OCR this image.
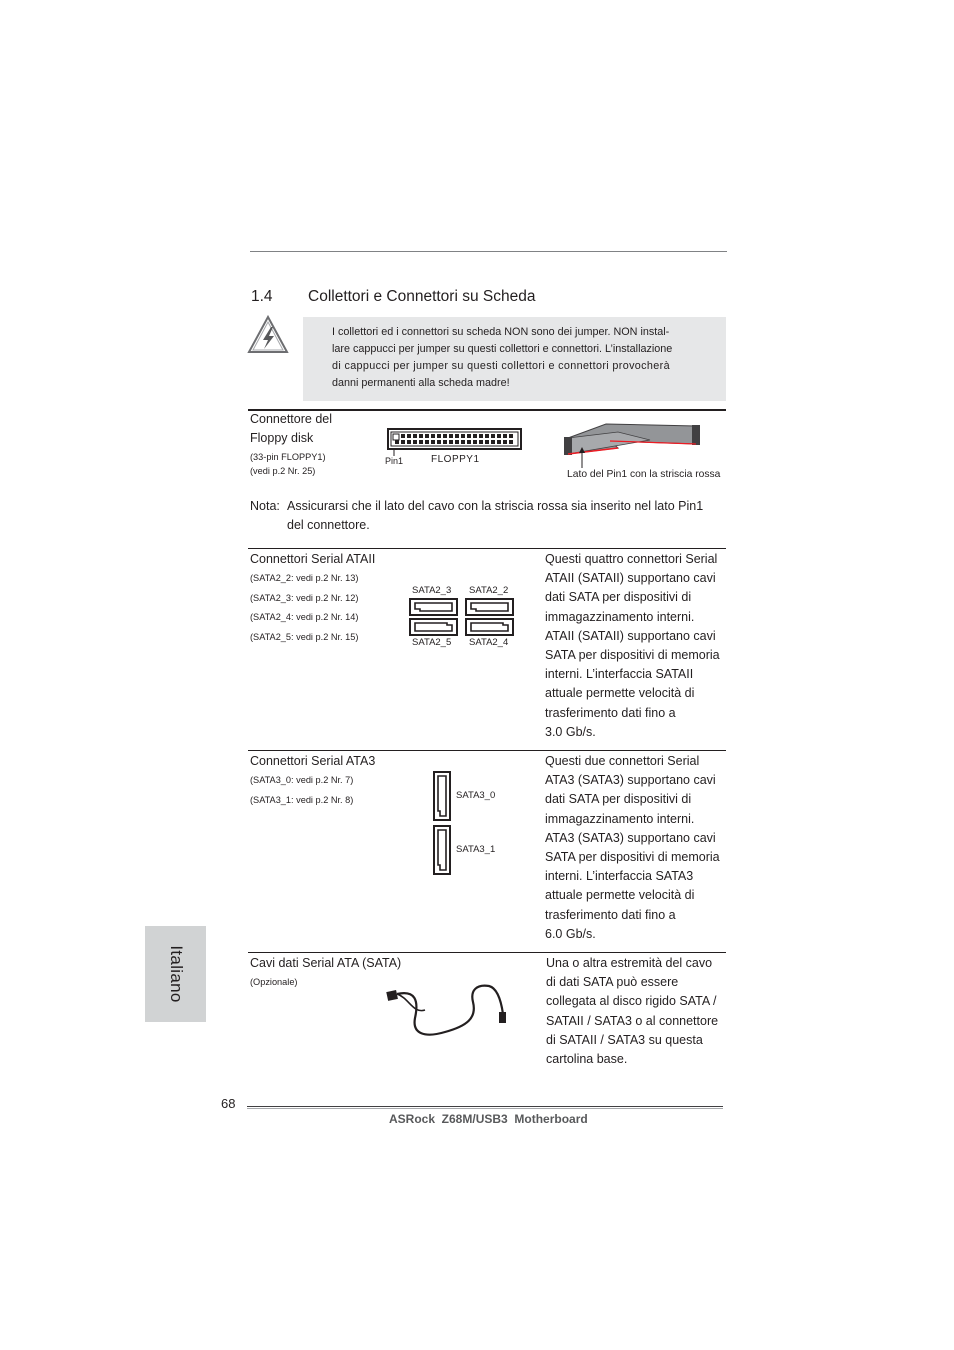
1.4 Collettori e Connettori su Scheda
I collettori ed i connettori su scheda NON sono dei jumper. NON instal-
lare cappucci per jumper su questi collettori e connettori. L’installazione
di cappucci per jumper su questi collettori e connettori provocherà
danni permanenti alla scheda madre!
Connettore del
Floppy disk
(33-pin FLOPPY1)
(vedi p.2 Nr. 25)
Pin1	FLOPPY1
Lato del Pin1 con la striscia rossa
Nota: Assicurarsi che il lato del cavo con la striscia rossa sia inserito nel lato Pin1
del connettore.
Connettori Serial ATAII
(SATA2_2: vedi p.2 Nr. 13)
(SATA2_3: vedi p.2 Nr. 12)
(SATA2_4: vedi p.2 Nr. 14)
(SATA2_5: vedi p.2 Nr. 15)
SATA2_3 SATA2_2
SATA2_5 SATA2_4
Questi quattro connettori Serial
ATAII (SATAII) supportano cavi
dati SATA per dispositivi di
immagazzinamento interni.
ATAII (SATAII) supportano cavi
SATA per dispositivi di memoria
interni. L’interfaccia SATAII
attuale permette velocità di
trasferimento dati fino a
3.0 Gb/s.
Connettori Serial ATA3
(SATA3_0: vedi p.2 Nr. 7)
(SATA3_1: vedi p.2 Nr. 8)	SATA3_0
SATA3_1
Questi due connettori Serial
ATA3 (SATA3) supportano cavi
dati SATA per dispositivi di
immagazzinamento interni.
ATA3 (SATA3) supportano cavi
SATA per dispositivi di memoria
interni. L’interfaccia SATA3
attuale permette velocità di
trasferimento dati fino a
6.0 Gb/s.
Cavi dati Serial ATA (SATA)
(Opzionale)
Una o altra estremità del cavo
di dati SATA può essere
collegata al disco rigido SATA /
SATAII / SATA3 o al connettore
di SATAII / SATA3 su questa
cartolina base.
Italiano
68
ASRock  Z68M/USB3  Motherboard
